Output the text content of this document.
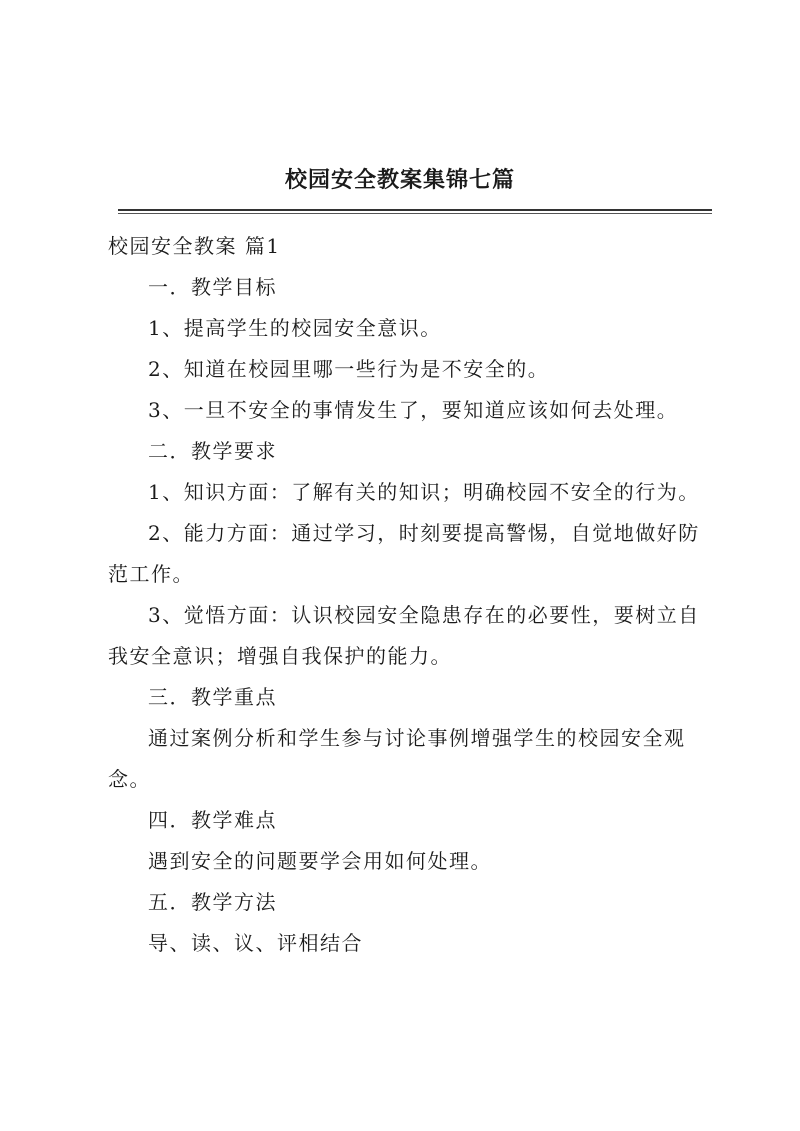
校园安全教案集锦七篇

校园安全教案 篇1

一．教学目标

1、提高学生的校园安全意识。

2、知道在校园里哪一些行为是不安全的。

3、一旦不安全的事情发生了，要知道应该如何去处理。

二．教学要求

1、知识方面：了解有关的知识；明确校园不安全的行为。

2、能力方面：通过学习，时刻要提高警惕，自觉地做好防范工作。

3、觉悟方面：认识校园安全隐患存在的必要性，要树立自我安全意识；增强自我保护的能力。

三．教学重点

通过案例分析和学生参与讨论事例增强学生的校园安全观念。

四．教学难点

遇到安全的问题要学会用如何处理。

五．教学方法

导、读、议、评相结合
